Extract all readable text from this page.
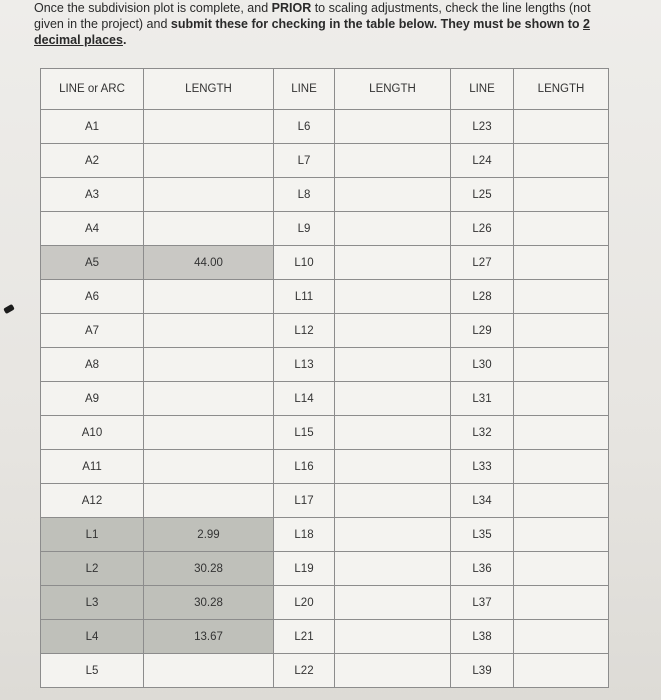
Once the subdivision plot is complete, and PRIOR to scaling adjustments, check the line lengths (not
given in the project) and submit these for checking in the table below. They must be shown to 2
decimal places.
LINE or ARC	LENGTH	LINE	LENGTH	LINE	LENGTH
A1		L6		L23	
A2		L7		L24	
A3		L8		L25	
A4		L9		L26	
A5	44.00	L10		L27	
A6		L11		L28	
A7		L12		L29	
A8		L13		L30	
A9		L14		L31	
A10		L15		L32	
A11		L16		L33	
A12		L17		L34	
L1	2.99	L18		L35	
L2	30.28	L19		L36	
L3	30.28	L20		L37	
L4	13.67	L21		L38	
L5		L22		L39	
